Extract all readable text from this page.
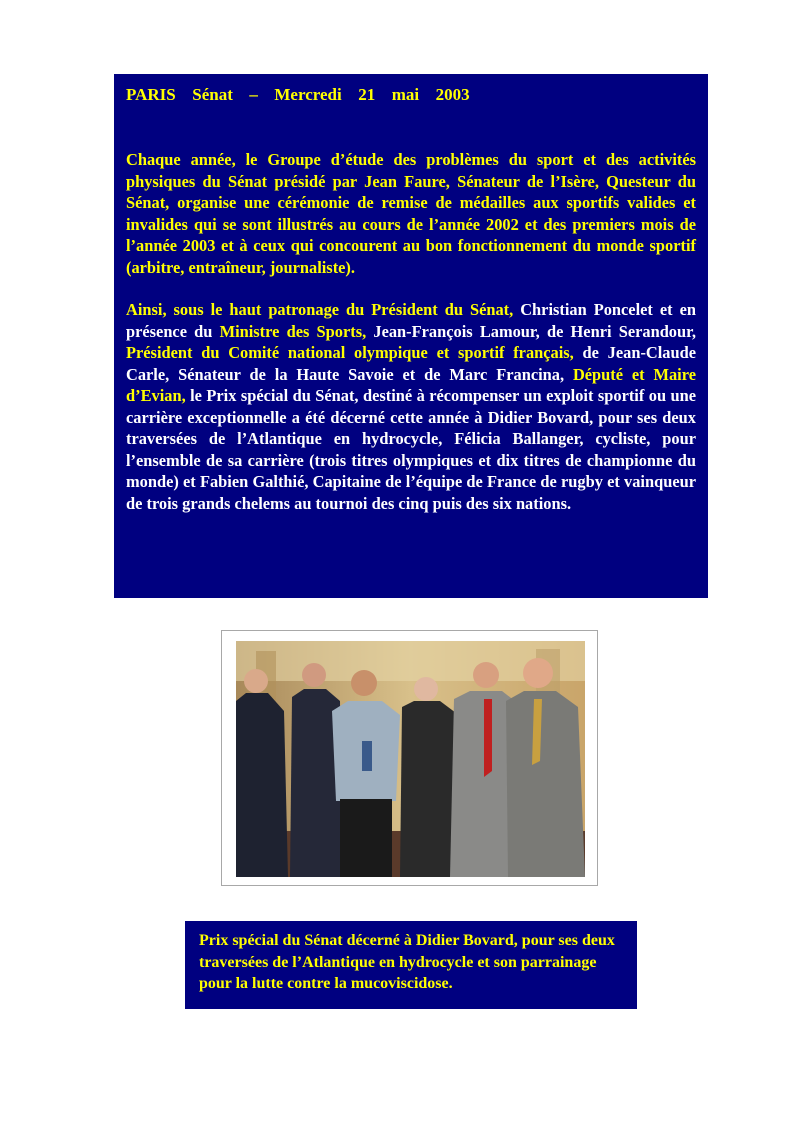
PARIS  Sénat  –  Mercredi  21  mai  2003

Chaque année, le Groupe d’étude des problèmes du sport et des activités physiques du Sénat présidé par Jean Faure, Sénateur de l’Isère, Questeur du Sénat, organise une cérémonie de remise de médailles aux sportifs valides et invalides qui se sont illustrés au cours de l’année 2002 et des premiers mois de l’année 2003 et à ceux qui concourent au bon fonctionnement du monde sportif (arbitre, entraîneur, journaliste).

Ainsi, sous le haut patronage du Président du Sénat, Christian Poncelet et en présence du Ministre des Sports, Jean-François Lamour, de Henri Serandour, Président du Comité national olympique et sportif français, de Jean-Claude Carle, Sénateur de la Haute Savoie et de Marc Francina, Député et Maire d’Evian, le Prix spécial du Sénat, destiné à récompenser un exploit sportif ou une carrière exceptionnelle a été décerné cette année à Didier Bovard, pour ses deux traversées de l’Atlantique en hydrocycle, Félicia Ballanger, cycliste, pour l’ensemble de sa carrière (trois titres olympiques et dix titres de championne du monde) et Fabien Galthié, Capitaine de l’équipe de France de rugby et vainqueur de trois grands chelems au tournoi des cinq puis des six nations.

Prix spécial du Sénat décerné à Didier Bovard, pour ses deux traversées de l’Atlantique en hydrocycle et son parrainage pour la lutte contre la mucoviscidose.
